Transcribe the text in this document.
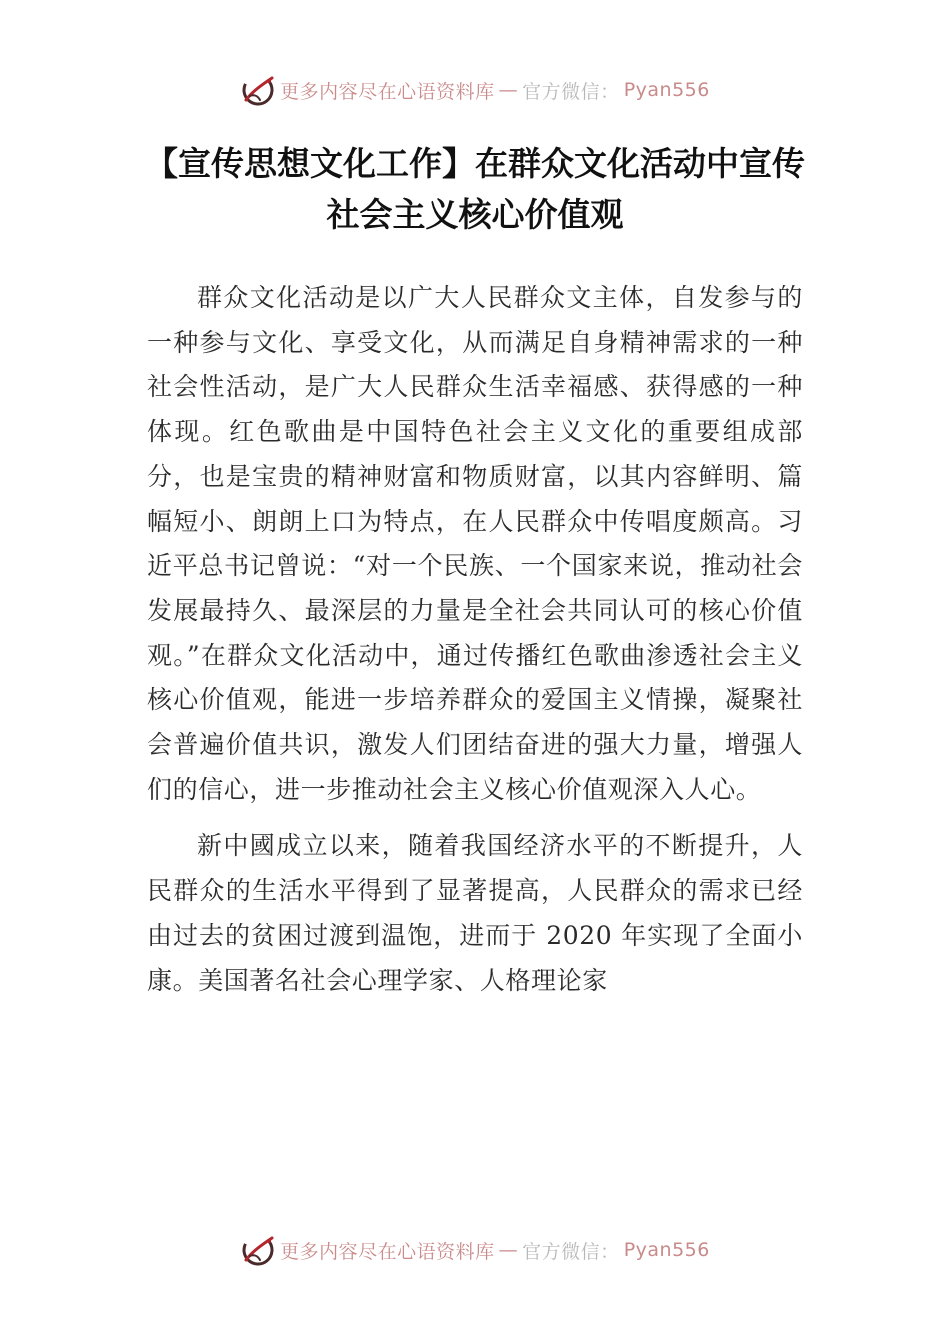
更多内容尽在心语资料库 — 官方微信： Pyan556
【宣传思想文化工作】在群众文化活动中宣传
社会主义核心价值观

群众文化活动是以广大人民群众文主体，自发参与的一种参与文化、享受文化，从而满足自身精神需求的一种社会性活动，是广大人民群众生活幸福感、获得感的一种体现。红色歌曲是中国特色社会主义文化的重要组成部分，也是宝贵的精神财富和物质财富，以其内容鲜明、篇幅短小、朗朗上口为特点，在人民群众中传唱度颇高。习近平总书记曾说：“对一个民族、一个国家来说，推动社会发展最持久、最深层的力量是全社会共同认可的核心价值观。”在群众文化活动中，通过传播红色歌曲渗透社会主义核心价值观，能进一步培养群众的爱国主义情操，凝聚社会普遍价值共识，激发人们团结奋进的强大力量，增强人们的信心，进一步推动社会主义核心价值观深入人心。

新中國成立以来，随着我国经济水平的不断提升，人民群众的生活水平得到了显著提高，人民群众的需求已经由过去的贫困过渡到温饱，进而于 2020 年实现了全面小康。美国著名社会心理学家、人格理论家

更多内容尽在心语资料库 — 官方微信： Pyan556
